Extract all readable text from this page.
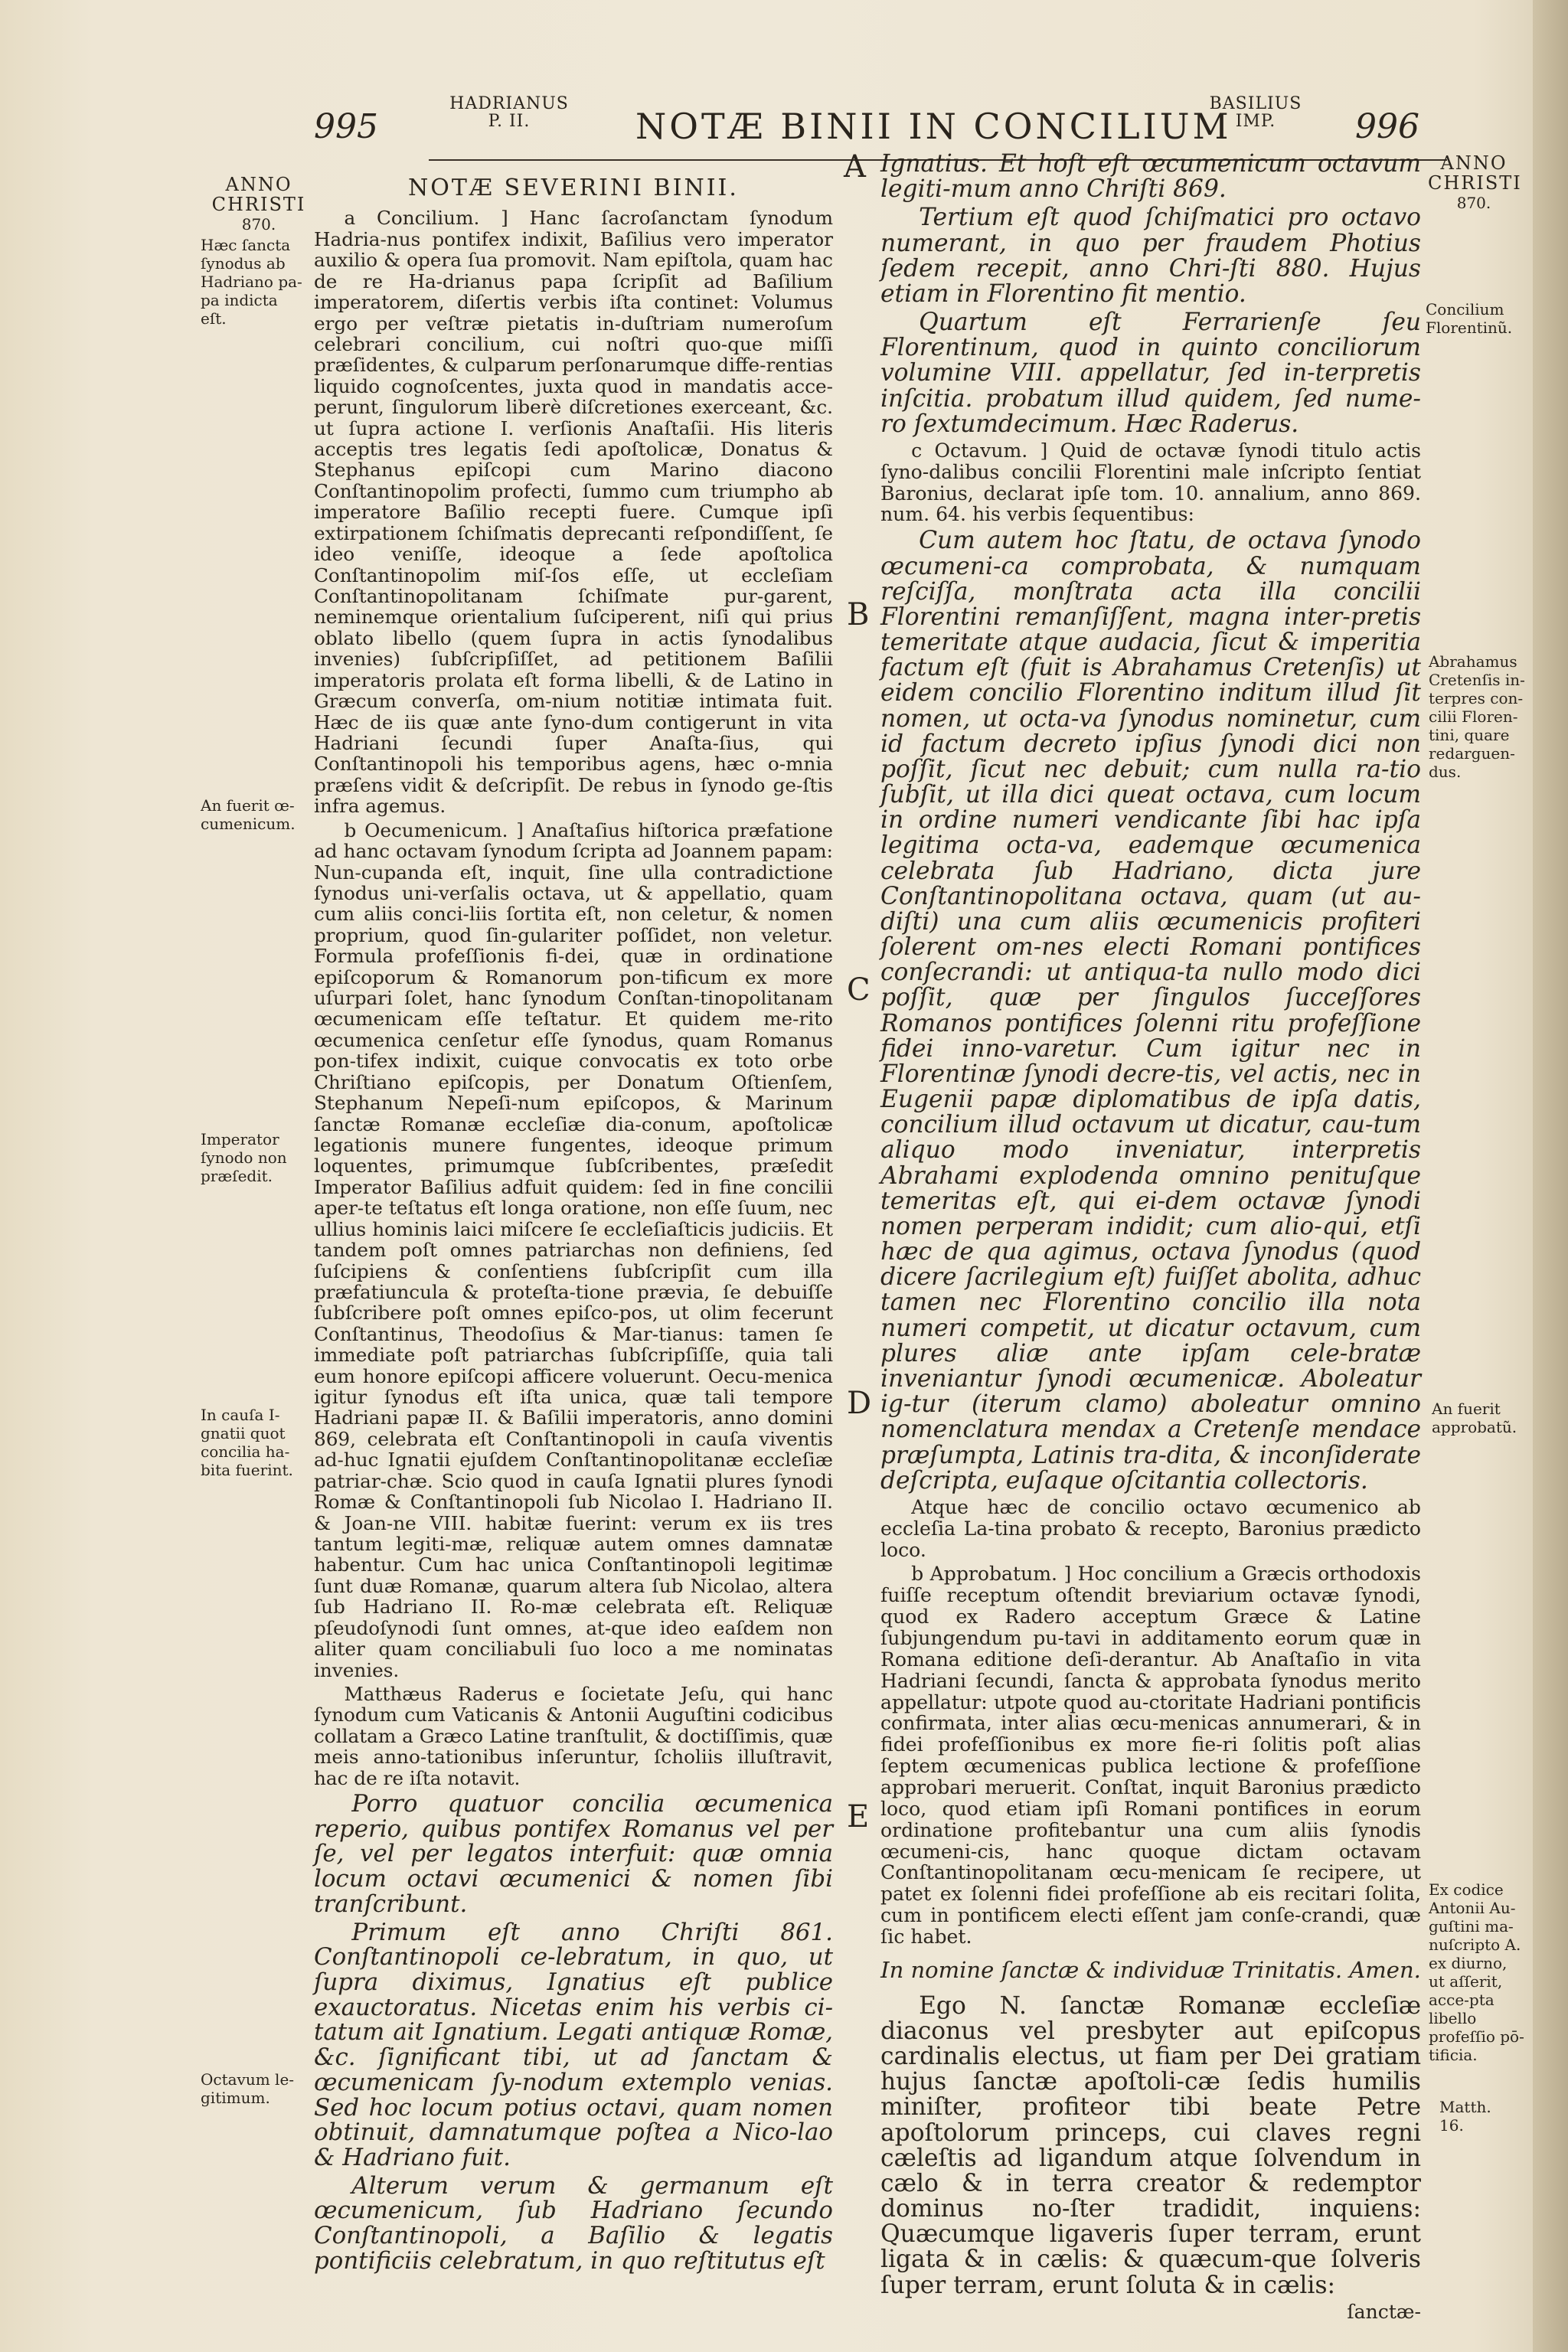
995
HADRIANUS
P. II.	NOTÆ BINII IN CONCILIUM
BASILIUS
IMP.	996
ANNO
CHRISTI
870.
Hæc ſancta ſynodus ab Hadriano pa-pa indicta eſt.
An fuerit œ-cumenicum.
Imperator ſynodo non præſedit.
In cauſa I-gnatii quot concilia ha-bita fuerint.
Octavum le-gitimum.
ANNO
CHRISTI
870.
Concilium Florentinũ.
Abrahamus Cretenſis in-terpres con-cilii Floren-tini, quare redarguen-dus.
An fuerit approbatũ.
Ex codice Antonii Au-guſtini ma-nuſcripto A. ex diurno, ut aſſerit, acce-pta libello profeſſio pō-tificia.
Matth. 16.
A
B
C
D
E

NOTÆ SEVERINI BINII.

a Concilium. ] Hanc ſacroſanctam ſynodum Hadria-nus pontifex indixit, Baſilius vero imperator auxilio & opera ſua promovit. Nam epiſtola, quam hac de re Ha-drianus papa ſcripſit ad Baſilium imperatorem, diſertis verbis iſta continet: Volumus ergo per veſtræ pietatis in-duſtriam numeroſum celebrari concilium, cui noſtri quo-que miſſi præſidentes, & culparum perſonarumque diffe-rentias liquido cognoſcentes, juxta quod in mandatis acce-perunt, ſingulorum liberè diſcretiones exerceant, &c. ut ſupra actione I. verſionis Anaſtaſii. His literis acceptis tres legatis ſedi apoſtolicæ, Donatus & Stephanus epiſcopi cum Marino diacono Conſtantinopolim profecti, ſummo cum triumpho ab imperatore Baſilio recepti fuere. Cumque ipſi extirpationem ſchiſmatis deprecanti reſpondiſſent, ſe ideo veniſſe, ideoque a ſede apoſtolica Conſtantinopolim miſ-ſos eſſe, ut eccleſiam Conſtantinopolitanam ſchiſmate pur-garent, neminemque orientalium ſuſciperent, niſi qui prius oblato libello (quem ſupra in actis ſynodalibus invenies) ſubſcripſiſſet, ad petitionem Baſilii imperatoris prolata eſt forma libelli, & de Latino in Græcum converſa, om-nium notitiæ intimata fuit. Hæc de iis quæ ante ſyno-dum contigerunt in vita Hadriani ſecundi ſuper Anaſta-ſius, qui Conſtantinopoli his temporibus agens, hæc o-mnia præſens vidit & deſcripſit. De rebus in ſynodo ge-ſtis infra agemus.

b Oecumenicum. ] Anaſtaſius hiſtorica præfatione ad hanc octavam ſynodum ſcripta ad Joannem papam: Nun-cupanda eſt, inquit, ſine ulla contradictione ſynodus uni-verſalis octava, ut & appellatio, quam cum aliis conci-liis ſortita eſt, non celetur, & nomen proprium, quod ſin-gulariter poſſidet, non veletur. Formula profeſſionis fi-dei, quæ in ordinatione epiſcoporum & Romanorum pon-tificum ex more uſurpari ſolet, hanc ſynodum Conſtan-tinopolitanam œcumenicam eſſe teſtatur. Et quidem me-rito œcumenica cenſetur eſſe ſynodus, quam Romanus pon-tifex indixit, cuique convocatis ex toto orbe Chriſtiano epiſcopis, per Donatum Oſtienſem, Stephanum Nepeſi-num epiſcopos, & Marinum ſanctæ Romanæ eccleſiæ dia-conum, apoſtolicæ legationis munere fungentes, ideoque primum loquentes, primumque ſubſcribentes, præſedit Imperator Baſilius adfuit quidem: ſed in fine concilii aper-te teſtatus eſt longa oratione, non eſſe ſuum, nec ullius hominis laici miſcere ſe eccleſiaſticis judiciis. Et tandem poſt omnes patriarchas non definiens, ſed ſuſcipiens & conſentiens ſubſcripſit cum illa præfatiuncula & proteſta-tione prævia, ſe debuiſſe ſubſcribere poſt omnes epiſco-pos, ut olim fecerunt Conſtantinus, Theodoſius & Mar-tianus: tamen ſe immediate poſt patriarchas ſubſcripſiſſe, quia tali eum honore epiſcopi afficere voluerunt. Oecu-menica igitur ſynodus eſt iſta unica, quæ tali tempore Hadriani papæ II. & Baſilii imperatoris, anno domini 869, celebrata eſt Conſtantinopoli in cauſa viventis ad-huc Ignatii ejuſdem Conſtantinopolitanæ eccleſiæ patriar-chæ. Scio quod in cauſa Ignatii plures ſynodi Romæ & Conſtantinopoli ſub Nicolao I. Hadriano II. & Joan-ne VIII. habitæ fuerint: verum ex iis tres tantum legiti-mæ, reliquæ autem omnes damnatæ habentur. Cum hac unica Conſtantinopoli legitimæ ſunt duæ Romanæ, quarum altera ſub Nicolao, altera ſub Hadriano II. Ro-mæ celebrata eſt. Reliquæ pſeudoſynodi ſunt omnes, at-que ideo eaſdem non aliter quam conciliabuli ſuo loco a me nominatas invenies.

Matthæus Raderus e ſocietate Jeſu, qui hanc ſynodum cum Vaticanis & Antonii Auguſtini codicibus collatam a Græco Latine tranſtulit, & doctiſſimis, quæ meis anno-tationibus inſeruntur, ſcholiis illuſtravit, hac de re iſta notavit.

Porro quatuor concilia œcumenica reperio, quibus pontifex Romanus vel per ſe, vel per legatos interfuit: quæ omnia locum octavi œcumenici & nomen ſibi tranſcribunt.

Primum eſt anno Chriſti 861. Conſtantinopoli ce-lebratum, in quo, ut ſupra diximus, Ignatius eſt publice exauctoratus. Nicetas enim his verbis ci-tatum ait Ignatium. Legati antiquæ Romæ, &c. ſignificant tibi, ut ad ſanctam & œcumenicam ſy-nodum extemplo venias. Sed hoc locum potius octavi, quam nomen obtinuit, damnatumque poſtea a Nico-lao & Hadriano fuit.

Alterum verum & germanum eſt œcumenicum, ſub Hadriano ſecundo Conſtantinopoli, a Baſilio & legatis pontificiis celebratum, in quo reſtitutus eſt

Ignatius. Et hoſt eſt œcumenicum octavum legiti-mum anno Chriſti 869.

Tertium eſt quod ſchiſmatici pro octavo numerant, in quo per fraudem Photius ſedem recepit, anno Chri-ſti 880. Hujus etiam in Florentino fit mentio.

Quartum eſt Ferrarienſe ſeu Florentinum, quod in quinto conciliorum volumine VIII. appellatur, ſed in-terpretis inſcitia. probatum illud quidem, ſed nume-ro ſextumdecimum. Hæc Raderus.

c Octavum. ] Quid de octavæ ſynodi titulo actis ſyno-dalibus concilii Florentini male inſcripto ſentiat Baronius, declarat ipſe tom. 10. annalium, anno 869. num. 64. his verbis ſequentibus:

Cum autem hoc ſtatu, de octava ſynodo œcumeni-ca comprobata, & numquam reſciſſa, monſtrata acta illa concilii Florentini remanſiſſent, magna inter-pretis temeritate atque audacia, ſicut & imperitia factum eſt (fuit is Abrahamus Cretenſis) ut eidem concilio Florentino inditum illud ſit nomen, ut octa-va ſynodus nominetur, cum id factum decreto ipſius ſynodi dici non poſſit, ſicut nec debuit; cum nulla ra-tio ſubſit, ut illa dici queat octava, cum locum in ordine numeri vendicante ſibi hac ipſa legitima octa-va, eademque œcumenica celebrata ſub Hadriano, dicta jure Conſtantinopolitana octava, quam (ut au-diſti) una cum aliis œcumenicis profiteri ſolerent om-nes electi Romani pontifices conſecrandi: ut antiqua-ta nullo modo dici poſſit, quæ per ſingulos ſucceſſores Romanos pontifices ſolenni ritu profeſſione fidei inno-varetur. Cum igitur nec in Florentinæ ſynodi decre-tis, vel actis, nec in Eugenii papæ diplomatibus de ipſa datis, concilium illud octavum ut dicatur, cau-tum aliquo modo inveniatur, interpretis Abrahami explodenda omnino penituſque temeritas eſt, qui ei-dem octavæ ſynodi nomen perperam indidit; cum alio-qui, etſi hæc de qua agimus, octava ſynodus (quod dicere ſacrilegium eſt) fuiſſet abolita, adhuc tamen nec Florentino concilio illa nota numeri competit, ut dicatur octavum, cum plures aliæ ante ipſam cele-bratæ inveniantur ſynodi œcumenicæ. Aboleatur ig-tur (iterum clamo) aboleatur omnino nomenclatura mendax a Cretenſe mendace præſumpta, Latinis tra-dita, & inconſiderate deſcripta, euſaque oſcitantia collectoris.

Atque hæc de concilio octavo œcumenico ab eccleſia La-tina probato & recepto, Baronius prædicto loco.

b Approbatum. ] Hoc concilium a Græcis orthodoxis fuiſſe receptum oſtendit breviarium octavæ ſynodi, quod ex Radero acceptum Græce & Latine ſubjungendum pu-tavi in additamento eorum quæ in Romana editione deſi-derantur. Ab Anaſtaſio in vita Hadriani ſecundi, ſancta & approbata ſynodus merito appellatur: utpote quod au-ctoritate Hadriani pontificis confirmata, inter alias œcu-menicas annumerari, & in fidei profeſſionibus ex more fie-ri ſolitis poſt alias ſeptem œcumenicas publica lectione & profeſſione approbari meruerit. Conſtat, inquit Baronius prædicto loco, quod etiam ipſi Romani pontifices in eorum ordinatione profitebantur una cum aliis ſynodis œcumeni-cis, hanc quoque dictam octavam Conſtantinopolitanam œcu-menicam ſe recipere, ut patet ex ſolenni fidei profeſſione ab eis recitari ſolita, cum in pontificem electi eſſent jam conſe-crandi, quæ ſic habet.

In nomine ſanctæ & individuæ Trinitatis. Amen.

Ego N. ſanctæ Romanæ eccleſiæ diaconus vel presbyter aut epiſcopus cardinalis electus, ut fiam per Dei gratiam hujus ſanctæ apoſtoli-cæ ſedis humilis miniſter, profiteor tibi beate Petre apoſtolorum princeps, cui claves regni cæleſtis ad ligandum atque ſolvendum in cælo & in terra creator & redemptor dominus no-ſter tradidit, inquiens: Quæcumque ligaveris ſuper terram, erunt ligata & in cælis: & quæcum-que ſolveris ſuper terram, erunt ſoluta & in cælis:

ſanctæ-
